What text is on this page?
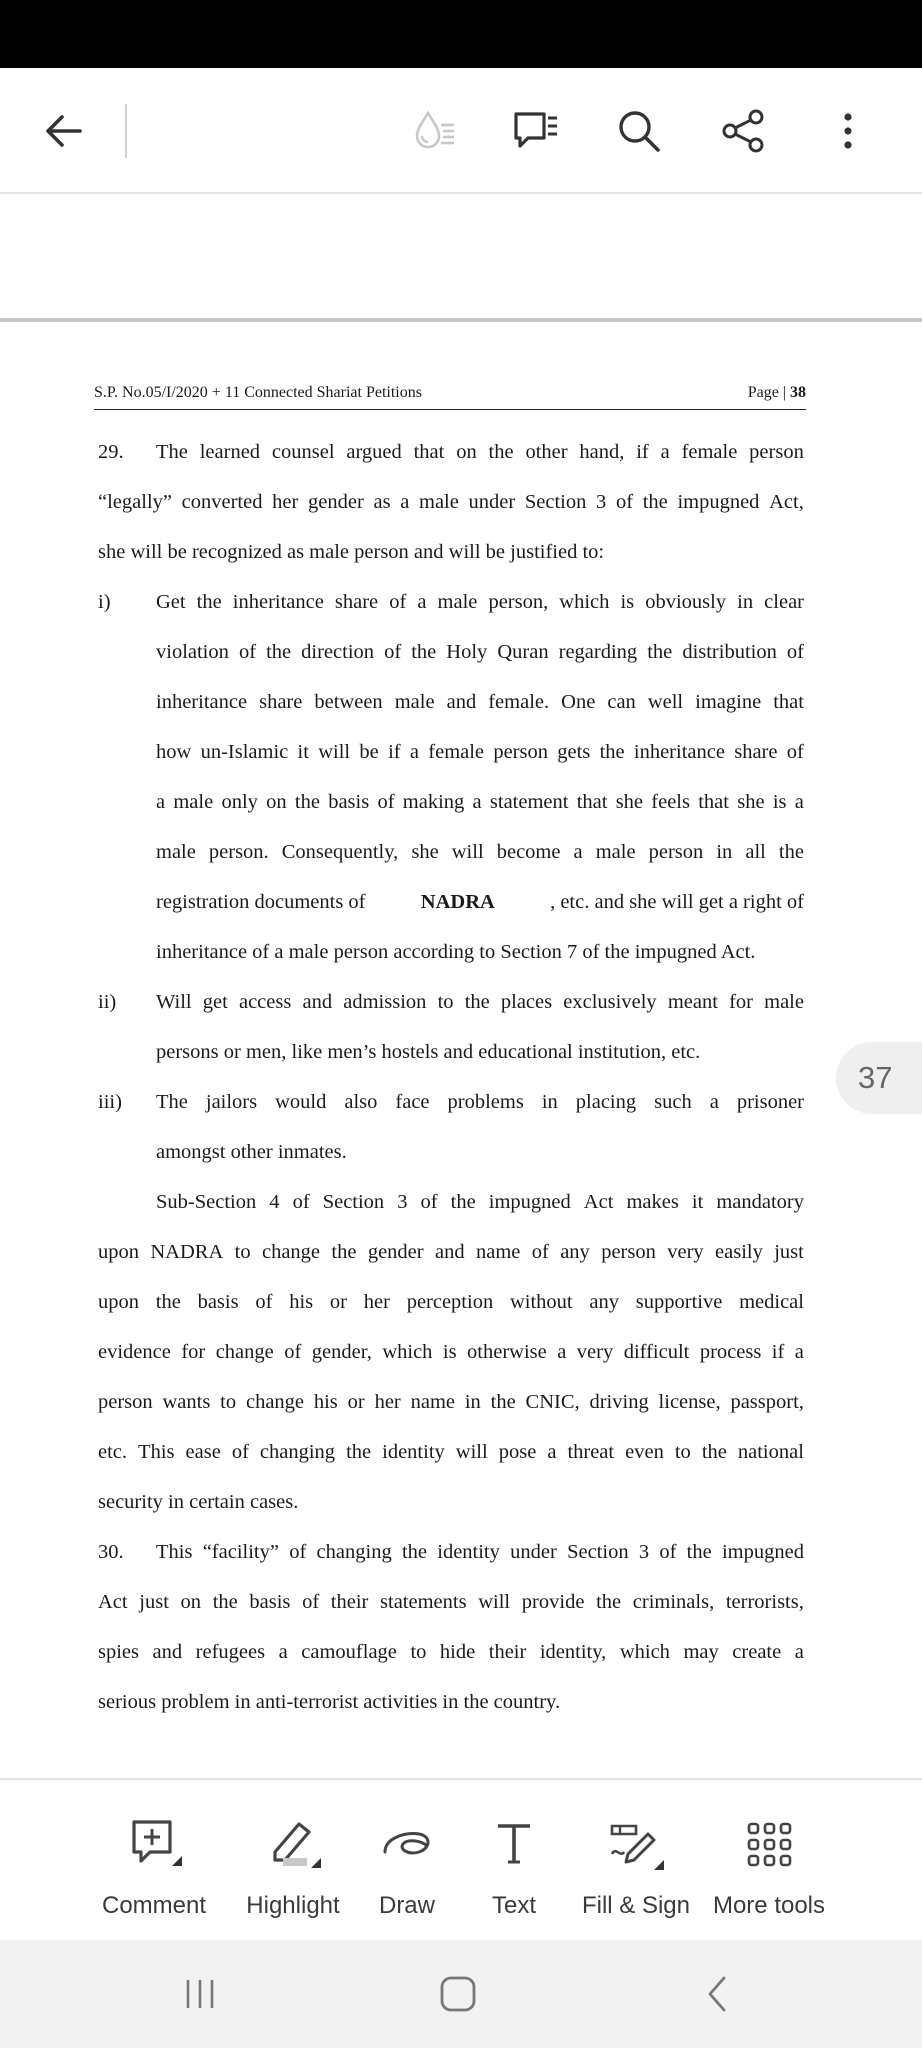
S.P. No.05/I/2020 + 11 Connected Shariat Petitions	Page | 38
29. The learned counsel argued that on the other hand, if a female person
“legally” converted her gender as a male under Section 3 of the impugned Act,
she will be recognized as male person and will be justified to:
i) Get the inheritance share of a male person, which is obviously in clear
violation of the direction of the Holy Quran regarding the distribution of
inheritance share between male and female. One can well imagine that
how un-Islamic it will be if a female person gets the inheritance share of
a male only on the basis of making a statement that she feels that she is a
male person. Consequently, she will become a male person in all the
registration documents of	NADRA	, etc. and she will get a right of
inheritance of a male person according to Section 7 of the impugned Act.
ii) Will get access and admission to the places exclusively meant for male
persons or men, like men’s hostels and educational institution, etc.
iii) The jailors would also face problems in placing such a prisoner
amongst other inmates.
Sub-Section 4 of Section 3 of the impugned Act makes it mandatory
upon NADRA to change the gender and name of any person very easily just
upon the basis of his or her perception without any supportive medical
evidence for change of gender, which is otherwise a very difficult process if a
person wants to change his or her name in the CNIC, driving license, passport,
etc. This ease of changing the identity will pose a threat even to the national
security in certain cases.
30. This “facility” of changing the identity under Section 3 of the impugned
Act just on the basis of their statements will provide the criminals, terrorists,
spies and refugees a camouflage to hide their identity, which may create a
serious problem in anti-terrorist activities in the country.
37
Comment Highlight Draw Text Fill & Sign More tools
